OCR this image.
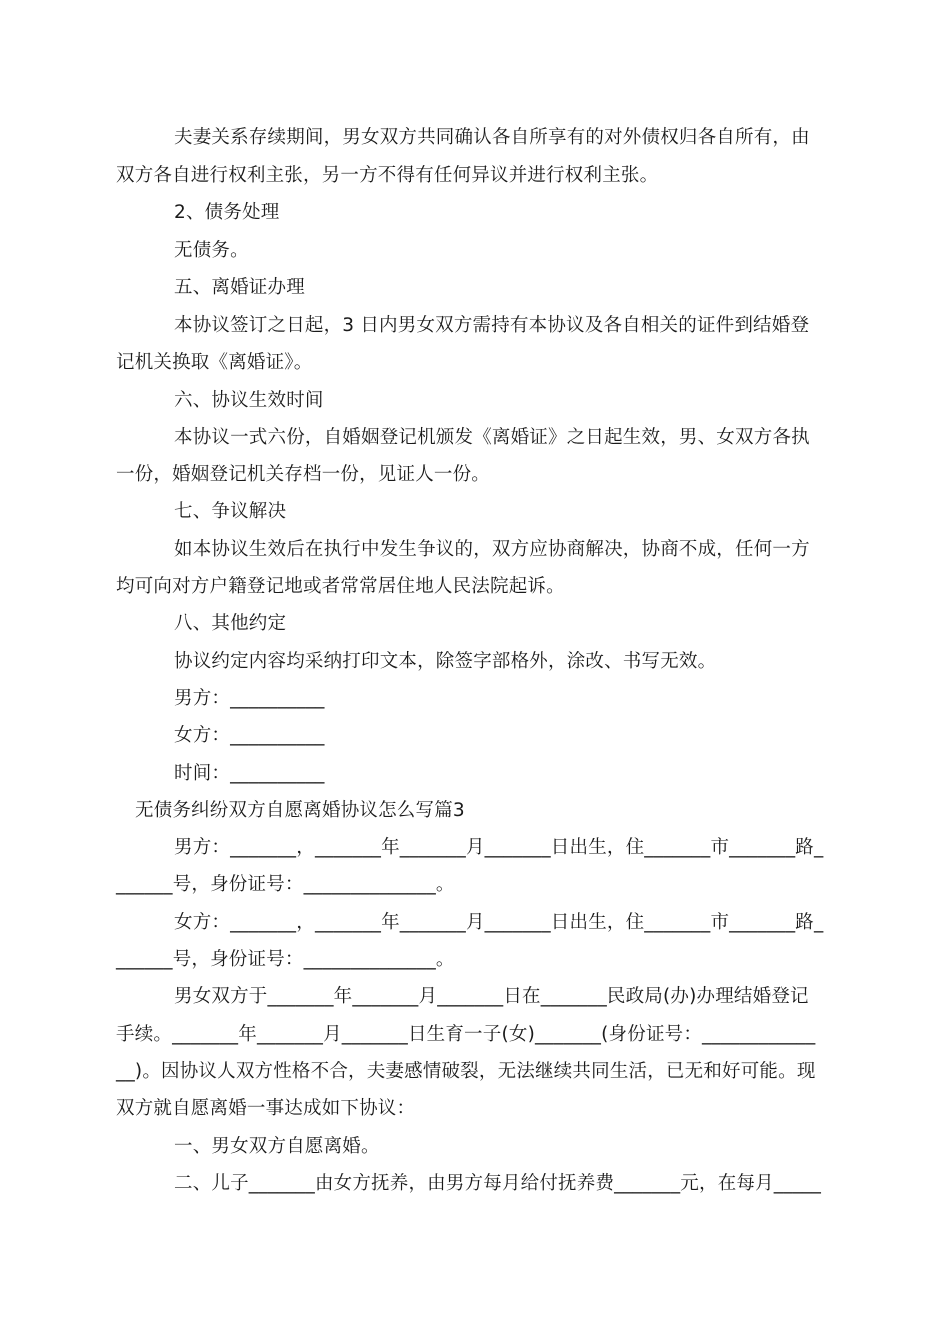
夫妻关系存续期间，男女双方共同确认各自所享有的对外债权归各自所有，由
双方各自进行权利主张，另一方不得有任何异议并进行权利主张。
2、债务处理
无债务。
五、离婚证办理
本协议签订之日起，3 日内男女双方需持有本协议及各自相关的证件到结婚登
记机关换取《离婚证》。
六、协议生效时间
本协议一式六份，自婚姻登记机颁发《离婚证》之日起生效，男、女双方各执
一份，婚姻登记机关存档一份，见证人一份。
七、争议解决
如本协议生效后在执行中发生争议的，双方应协商解决，协商不成，任何一方
均可向对方户籍登记地或者常常居住地人民法院起诉。
八、其他约定
协议约定内容均采纳打印文本，除签字部格外，涂改、书写无效。
男方：__________
女方：__________
时间：__________
无债务纠纷双方自愿离婚协议怎么写篇3
男方：_______，_______年_______月_______日出生，住_______市_______路_
______号，身份证号：______________。
女方：_______，_______年_______月_______日出生，住_______市_______路_
______号，身份证号：______________。
男女双方于_______年_______月_______日在_______民政局(办)办理结婚登记
手续。_______年_______月_______日生育一子(女)_______(身份证号：____________
__)。因协议人双方性格不合，夫妻感情破裂，无法继续共同生活，已无和好可能。现
双方就自愿离婚一事达成如下协议：
一、男女双方自愿离婚。
二、儿子_______由女方抚养，由男方每月给付抚养费_______元，在每月_____
